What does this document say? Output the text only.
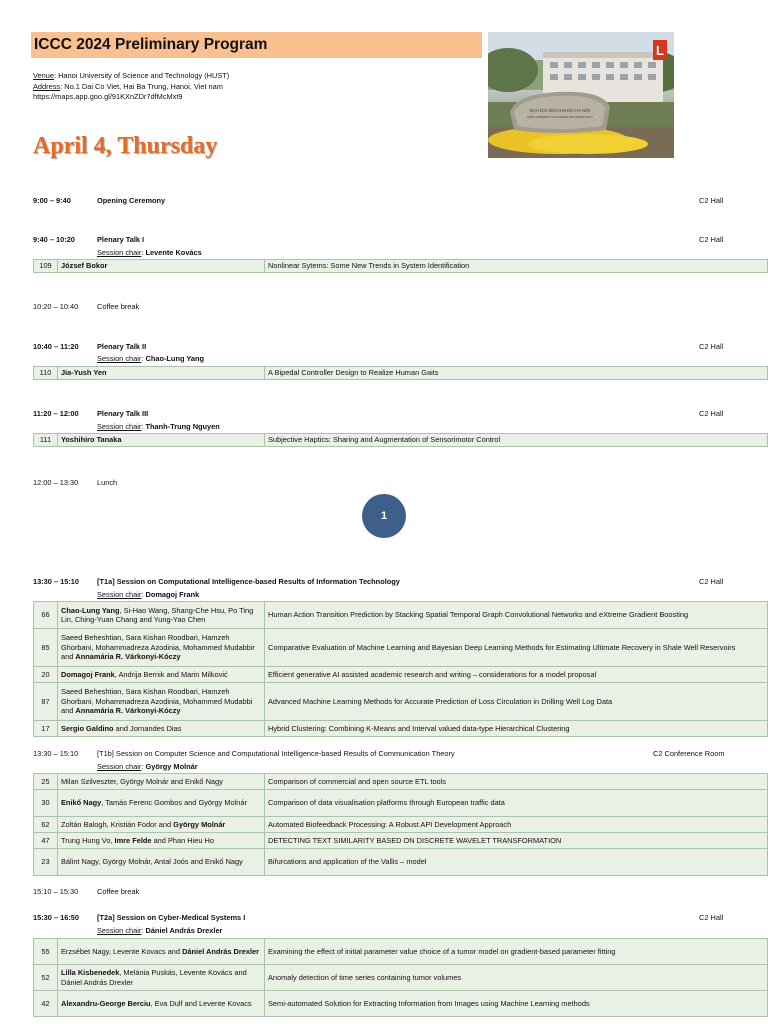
ICCC 2024 Preliminary Program
Venue: Hanoi University of Science and Technology (HUST)
Address: No.1 Dai Co Viet, Hai Ba Trung, Hanoi, Viet nam
https://maps.app.goo.gl/91KXnZDr7dfMcMxt9
April 4, Thursday
L
ĐẠI HỌC BÁCH KHOA HÀ NỘI
HANOI UNIVERSITY OF SCIENCE AND TECHNOLOGY
9:00 – 9:40	Opening Ceremony	C2 Hall
9:40 – 10:20	Plenary Talk I	C2 Hall
Session chair: Levente Kovács
109	József Bokor	Nonlinear Sytems: Some New Trends in System Identification
10:20 – 10:40	Coffee break
10:40 – 11:20 Plenary Talk II	C2 Hall
Session chair: Chao-Lung Yang
110	Jia-Yush Yen	A Bipedal Controller Design to Realize Human Gaits
11:20 – 12:00 Plenary Talk III	C2 Hall
Session chair: Thanh-Trung Nguyen
111	Yoshihiro Tanaka	Subjective Haptics: Sharing and Augmentation of Sensorimotor Control
12:00 – 13:30	Lunch
1
13:30 – 15:10 [T1a] Session on Computational Intelligence-based Results of Information Technology	C2 Hall
Session chair: Domagoj Frank
66	Chao-Lung Yang, Si-Hao Wang, Shang-Che Hsu, Po Ting Lin, Ching-Yuan Chang and Yung-Yao Chen	Human Action Transition Prediction by Stacking Spatial Temporal Graph Convolutional Networks and eXtreme Gradient Boosting
85	Saeed Beheshtian, Sara Kishan Roodbari, Hamzeh Ghorbani, Mohammadreza Azodinia, Mohammed Mudabbir and Annamária R. Várkonyi-Kóczy	Comparative Evaluation of Machine Learning and Bayesian Deep Learning Methods for Estimating Ultimate Recovery in Shale Well Reservoirs
20	Domagoj Frank, Andrija Bernik and Marin Milković	Efficient generative AI assisted academic research and writing – considerations for a model proposal
87	Saeed Beheshtian, Sara Kishan Roodbari, Hamzeh Ghorbani, Mohammadreza Azodinia, Mohammed Mudabbi and Annamária R. Várkonyi-Kóczy	Advanced Machine Learning Methods for Accurate Prediction of Loss Circulation in Drilling Well Log Data
17	Sergio Galdino and Jornandes Dias	Hybrid Clustering: Combining K-Means and Interval valued data-type Hierarchical Clustering
13:30 – 15:10	[T1b] Session on Computer Science and Computational Intelligence-based Results of Communication Theory	C2 Conference Room
Session chair: György Molnár
25	Milan Szilveszter, György Molnár and Enikő Nagy	Comparison of commercial and open source ETL tools
30	Enikő Nagy, Tamás Ferenc Gombos and György Molnár	Comparison of data visualisation platforms through European traffic data
62	Zoltán Balogh, Kristián Fodor and György Molnár	Automated Biofeedback Processing: A Robust API Development Approach
47	Trung Hung Vo, Imre Felde and Phan Hieu Ho	DETECTING TEXT SIMILARITY BASED ON DISCRETE WAVELET TRANSFORMATION
23	Bálint Nagy, György Molnár, Antal Joós and Enikő Nagy	Bifurcations and application of the Vallis – model
15:10 – 15:30	Coffee break
15:30 – 16:50 [T2a] Session on Cyber-Medical Systems I	C2 Hall
Session chair: Dániel András Drexler
55	Erzsébet Nagy, Levente Kovacs and Dániel András Drexler	Examining the effect of initial parameter value choice of a tumor model on gradient-based parameter fitting
52	Lilla Kisbenedek, Melánia Puskás, Levente Kovács and Dániel András Drexler	Anomaly detection of time series containing tumor volumes
42	Alexandru-George Berciu, Eva Dulf and Levente Kovacs	Semi-automated Solution for Extracting Information from Images using Machine Learning methods
